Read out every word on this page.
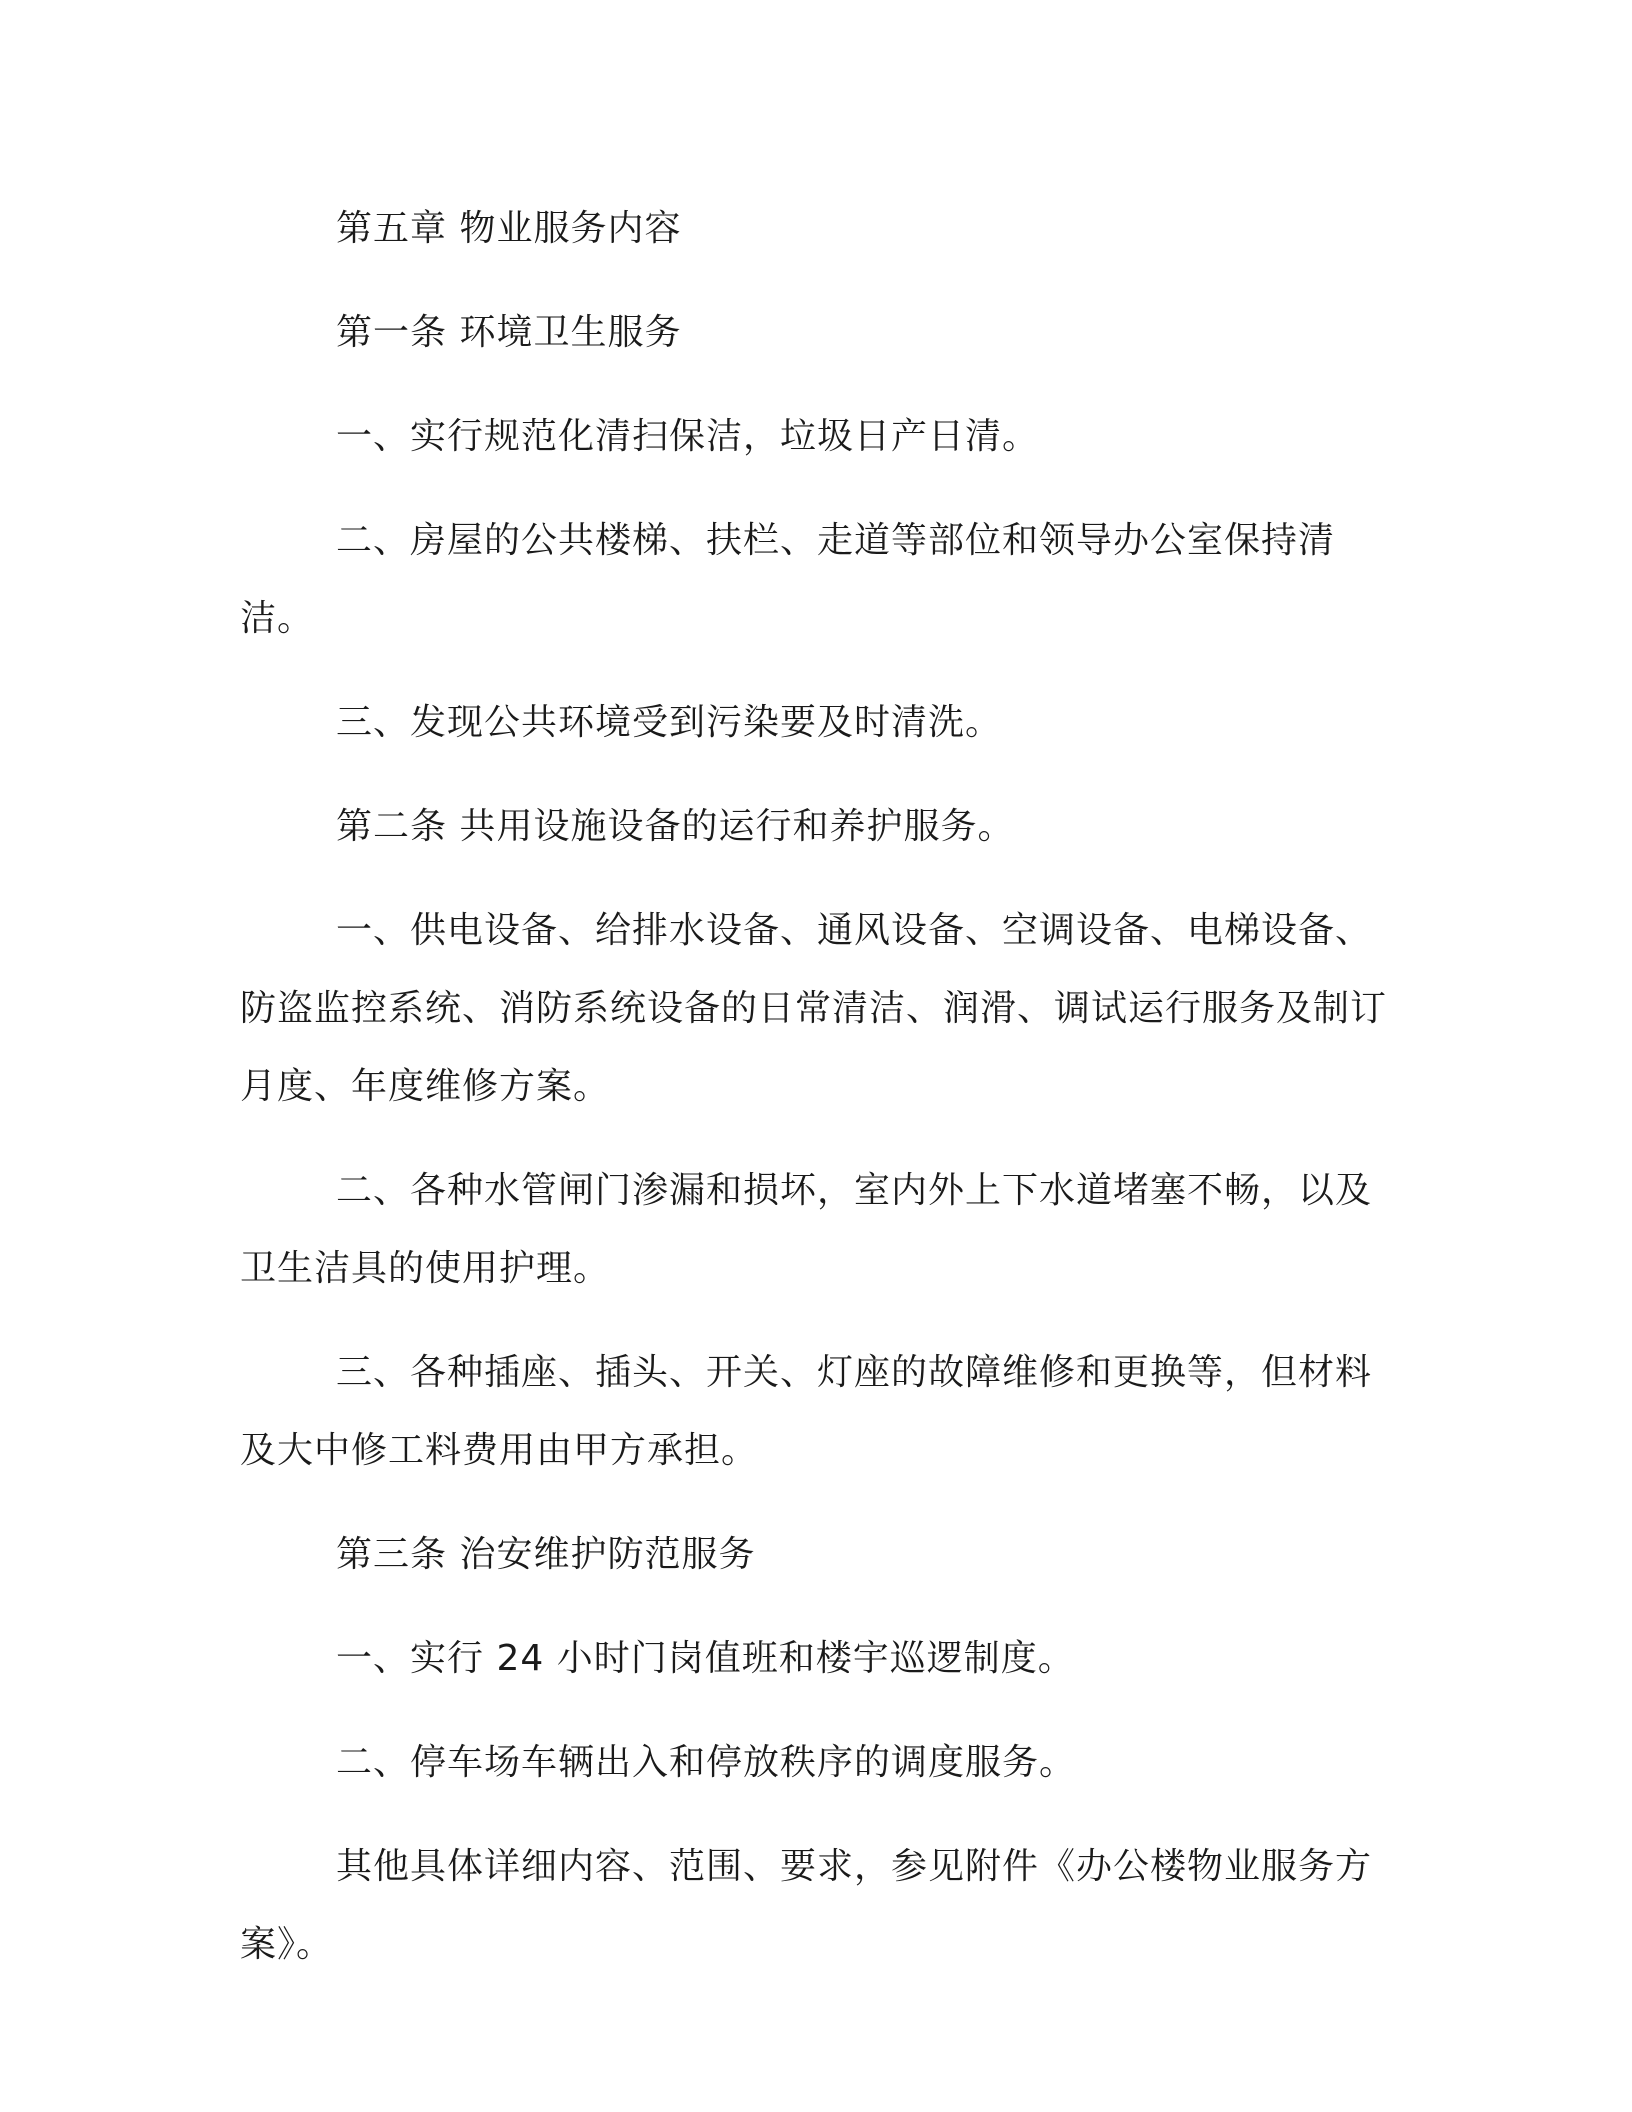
第五章 物业服务内容

第一条 环境卫生服务

一、实行规范化清扫保洁，垃圾日产日清。

二、房屋的公共楼梯、扶栏、走道等部位和领导办公室保持清洁。

三、发现公共环境受到污染要及时清洗。

第二条 共用设施设备的运行和养护服务。

一、供电设备、给排水设备、通风设备、空调设备、电梯设备、防盗监控系统、消防系统设备的日常清洁、润滑、调试运行服务及制订月度、年度维修方案。

二、各种水管闸门渗漏和损坏，室内外上下水道堵塞不畅，以及卫生洁具的使用护理。

三、各种插座、插头、开关、灯座的故障维修和更换等，但材料及大中修工料费用由甲方承担。

第三条 治安维护防范服务

一、实行 24 小时门岗值班和楼宇巡逻制度。

二、停车场车辆出入和停放秩序的调度服务。

其他具体详细内容、范围、要求，参见附件《办公楼物业服务方案》。
